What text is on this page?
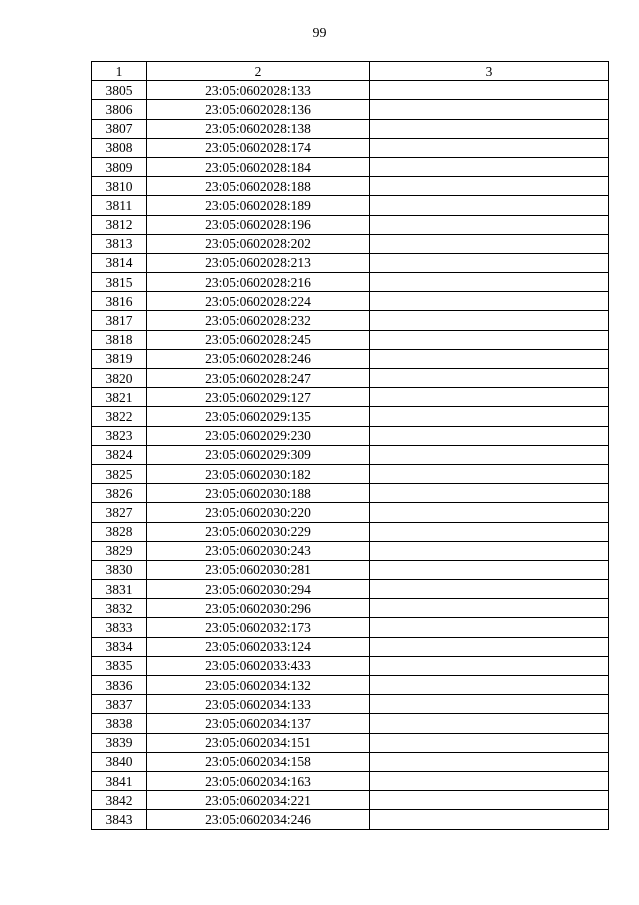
99
1	2	3
3805	23:05:0602028:133	
3806	23:05:0602028:136	
3807	23:05:0602028:138	
3808	23:05:0602028:174	
3809	23:05:0602028:184	
3810	23:05:0602028:188	
3811	23:05:0602028:189	
3812	23:05:0602028:196	
3813	23:05:0602028:202	
3814	23:05:0602028:213	
3815	23:05:0602028:216	
3816	23:05:0602028:224	
3817	23:05:0602028:232	
3818	23:05:0602028:245	
3819	23:05:0602028:246	
3820	23:05:0602028:247	
3821	23:05:0602029:127	
3822	23:05:0602029:135	
3823	23:05:0602029:230	
3824	23:05:0602029:309	
3825	23:05:0602030:182	
3826	23:05:0602030:188	
3827	23:05:0602030:220	
3828	23:05:0602030:229	
3829	23:05:0602030:243	
3830	23:05:0602030:281	
3831	23:05:0602030:294	
3832	23:05:0602030:296	
3833	23:05:0602032:173	
3834	23:05:0602033:124	
3835	23:05:0602033:433	
3836	23:05:0602034:132	
3837	23:05:0602034:133	
3838	23:05:0602034:137	
3839	23:05:0602034:151	
3840	23:05:0602034:158	
3841	23:05:0602034:163	
3842	23:05:0602034:221	
3843	23:05:0602034:246	
